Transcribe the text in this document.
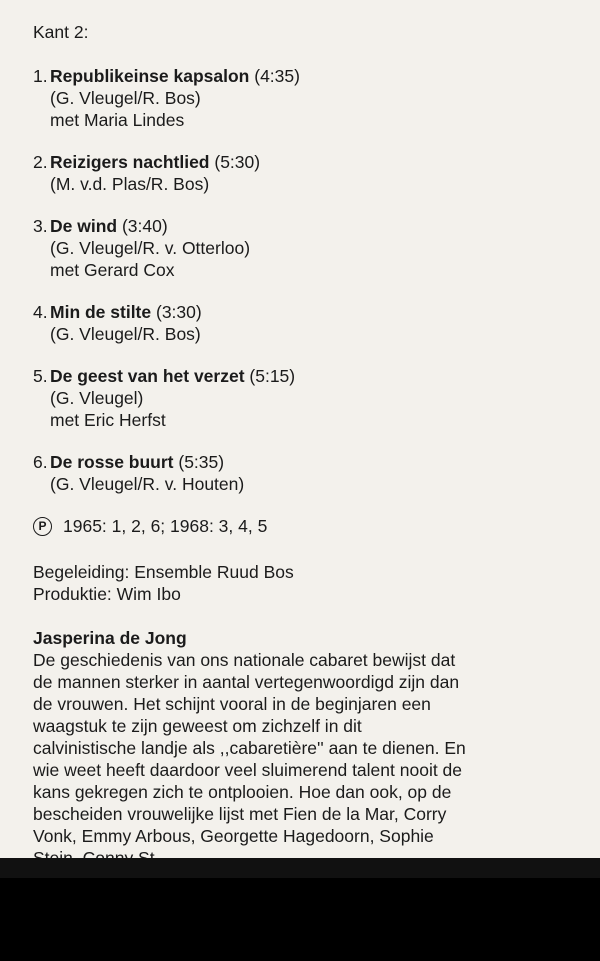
Kant 2:
1. Republikeinse kapsalon (4:35)
(G. Vleugel/R. Bos)
met Maria Lindes
2. Reizigers nachtlied (5:30)
(M. v.d. Plas/R. Bos)
3. De wind (3:40)
(G. Vleugel/R. v. Otterloo)
met Gerard Cox
4. Min de stilte (3:30)
(G. Vleugel/R. Bos)
5. De geest van het verzet (5:15)
(G. Vleugel)
met Eric Herfst
6. De rosse buurt (5:35)
(G. Vleugel/R. v. Houten)
P 1965: 1, 2, 6; 1968: 3, 4, 5
Begeleiding: Ensemble Ruud Bos
Produktie: Wim Ibo

Jasperina de Jong

De geschiedenis van ons nationale cabaret bewijst dat

de mannen sterker in aantal vertegenwoordigd zijn dan

de vrouwen. Het schijnt vooral in de beginjaren een

waagstuk te zijn geweest om zichzelf in dit

calvinistische landje als ,,cabaretière'' aan te dienen. En

wie weet heeft daardoor veel sluimerend talent nooit de

kans gekregen zich te ontplooien. Hoe dan ook, op de

bescheiden vrouwelijke lijst met Fien de la Mar, Corry

Vonk, Emmy Arbous, Georgette Hagedoorn, Sophie
